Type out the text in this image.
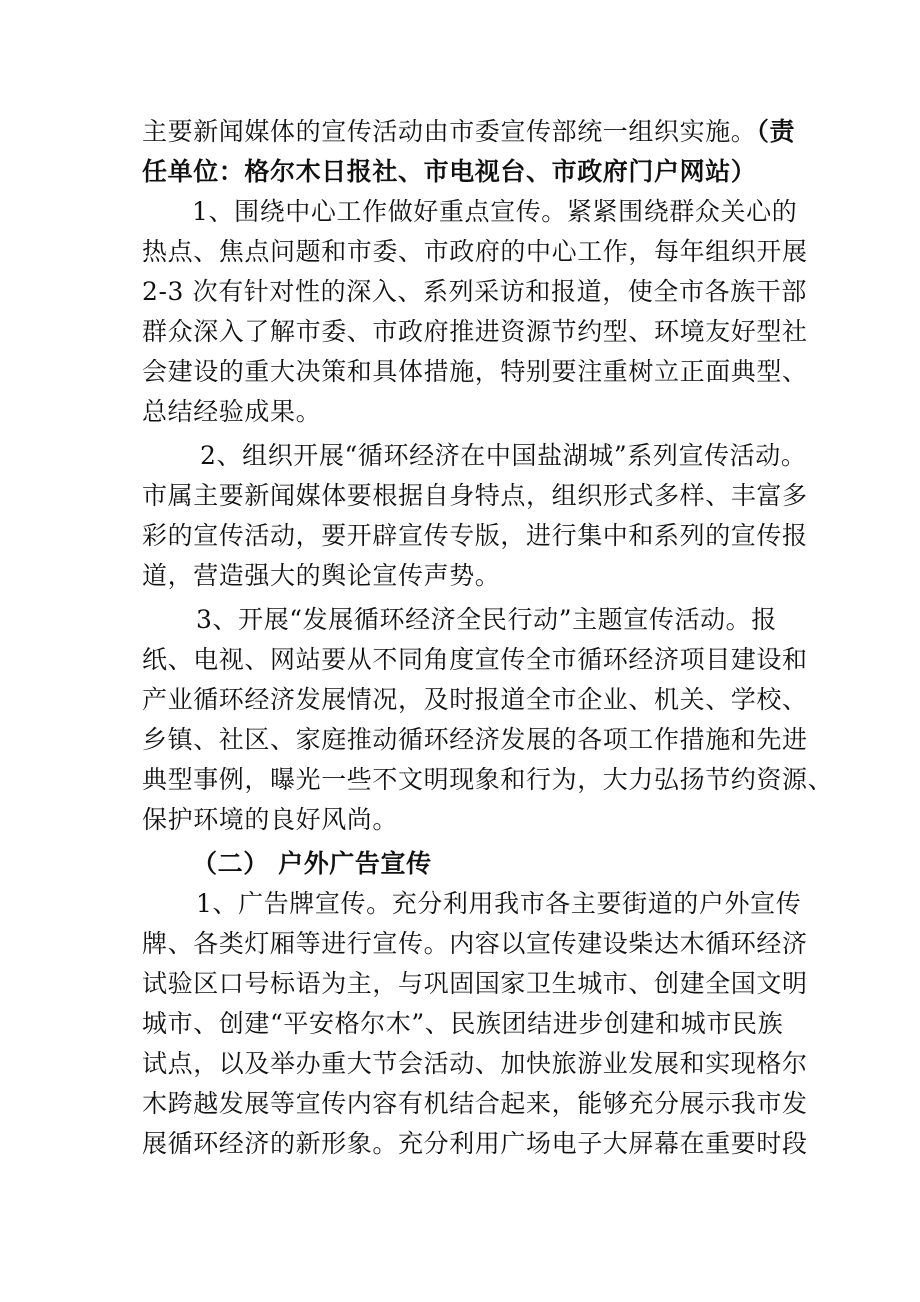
主要新闻媒体的宣传活动由市委宣传部统一组织实施。（责
任单位：格尔木日报社、市电视台、市政府门户网站）
1、围绕中心工作做好重点宣传。紧紧围绕群众关心的
热点、焦点问题和市委、市政府的中心工作，每年组织开展
2-3 次有针对性的深入、系列采访和报道，使全市各族干部
群众深入了解市委、市政府推进资源节约型、环境友好型社
会建设的重大决策和具体措施，特别要注重树立正面典型、
总结经验成果。
2、组织开展“循环经济在中国盐湖城”系列宣传活动。
市属主要新闻媒体要根据自身特点，组织形式多样、丰富多
彩的宣传活动，要开辟宣传专版，进行集中和系列的宣传报
道，营造强大的舆论宣传声势。
3、开展“发展循环经济全民行动”主题宣传活动。报
纸、电视、网站要从不同角度宣传全市循环经济项目建设和
产业循环经济发展情况，及时报道全市企业、机关、学校、
乡镇、社区、家庭推动循环经济发展的各项工作措施和先进
典型事例，曝光一些不文明现象和行为，大力弘扬节约资源、
保护环境的良好风尚。
（二） 户外广告宣传
1、广告牌宣传。充分利用我市各主要街道的户外宣传
牌、各类灯厢等进行宣传。内容以宣传建设柴达木循环经济
试验区口号标语为主，与巩固国家卫生城市、创建全国文明
城市、创建“平安格尔木”、民族团结进步创建和城市民族
试点，以及举办重大节会活动、加快旅游业发展和实现格尔
木跨越发展等宣传内容有机结合起来，能够充分展示我市发
展循环经济的新形象。充分利用广场电子大屏幕在重要时段
